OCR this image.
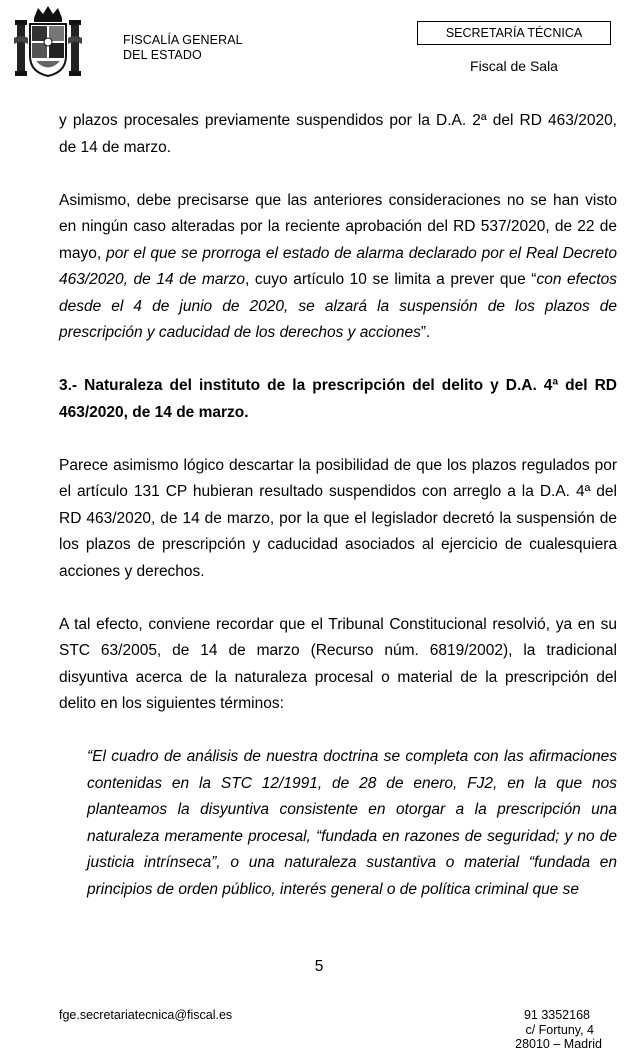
FISCALÍA GENERAL
DEL ESTADO
SECRETARÍA TÉCNICA
Fiscal de Sala

y plazos procesales previamente suspendidos por la D.A. 2ª del RD 463/2020, de 14 de marzo.

Asimismo, debe precisarse que las anteriores consideraciones no se han visto en ningún caso alteradas por la reciente aprobación del RD 537/2020, de 22 de mayo, por el que se prorroga el estado de alarma declarado por el Real Decreto 463/2020, de 14 de marzo, cuyo artículo 10 se limita a prever que “con efectos desde el 4 de junio de 2020, se alzará la suspensión de los plazos de prescripción y caducidad de los derechos y acciones”.

3.- Naturaleza del instituto de la prescripción del delito y D.A. 4ª del RD 463/2020, de 14 de marzo.

Parece asimismo lógico descartar la posibilidad de que los plazos regulados por el artículo 131 CP hubieran resultado suspendidos con arreglo a la D.A. 4ª del RD 463/2020, de 14 de marzo, por la que el legislador decretó la suspensión de los plazos de prescripción y caducidad asociados al ejercicio de cualesquiera acciones y derechos.

A tal efecto, conviene recordar que el Tribunal Constitucional resolvió, ya en su STC 63/2005, de 14 de marzo (Recurso núm. 6819/2002), la tradicional disyuntiva acerca de la naturaleza procesal o material de la prescripción del delito en los siguientes términos:

“El cuadro de análisis de nuestra doctrina se completa con las afirmaciones contenidas en la STC 12/1991, de 28 de enero, FJ2, en la que nos planteamos la disyuntiva consistente en otorgar a la prescripción una naturaleza meramente procesal, “fundada en razones de seguridad; y no de justicia intrínseca”, o una naturaleza sustantiva o material “fundada en principios de orden público, interés general o de política criminal que se

5
fge.secretariatecnica@fiscal.es	91 3352168
c/ Fortuny, 4
28010 – Madrid
